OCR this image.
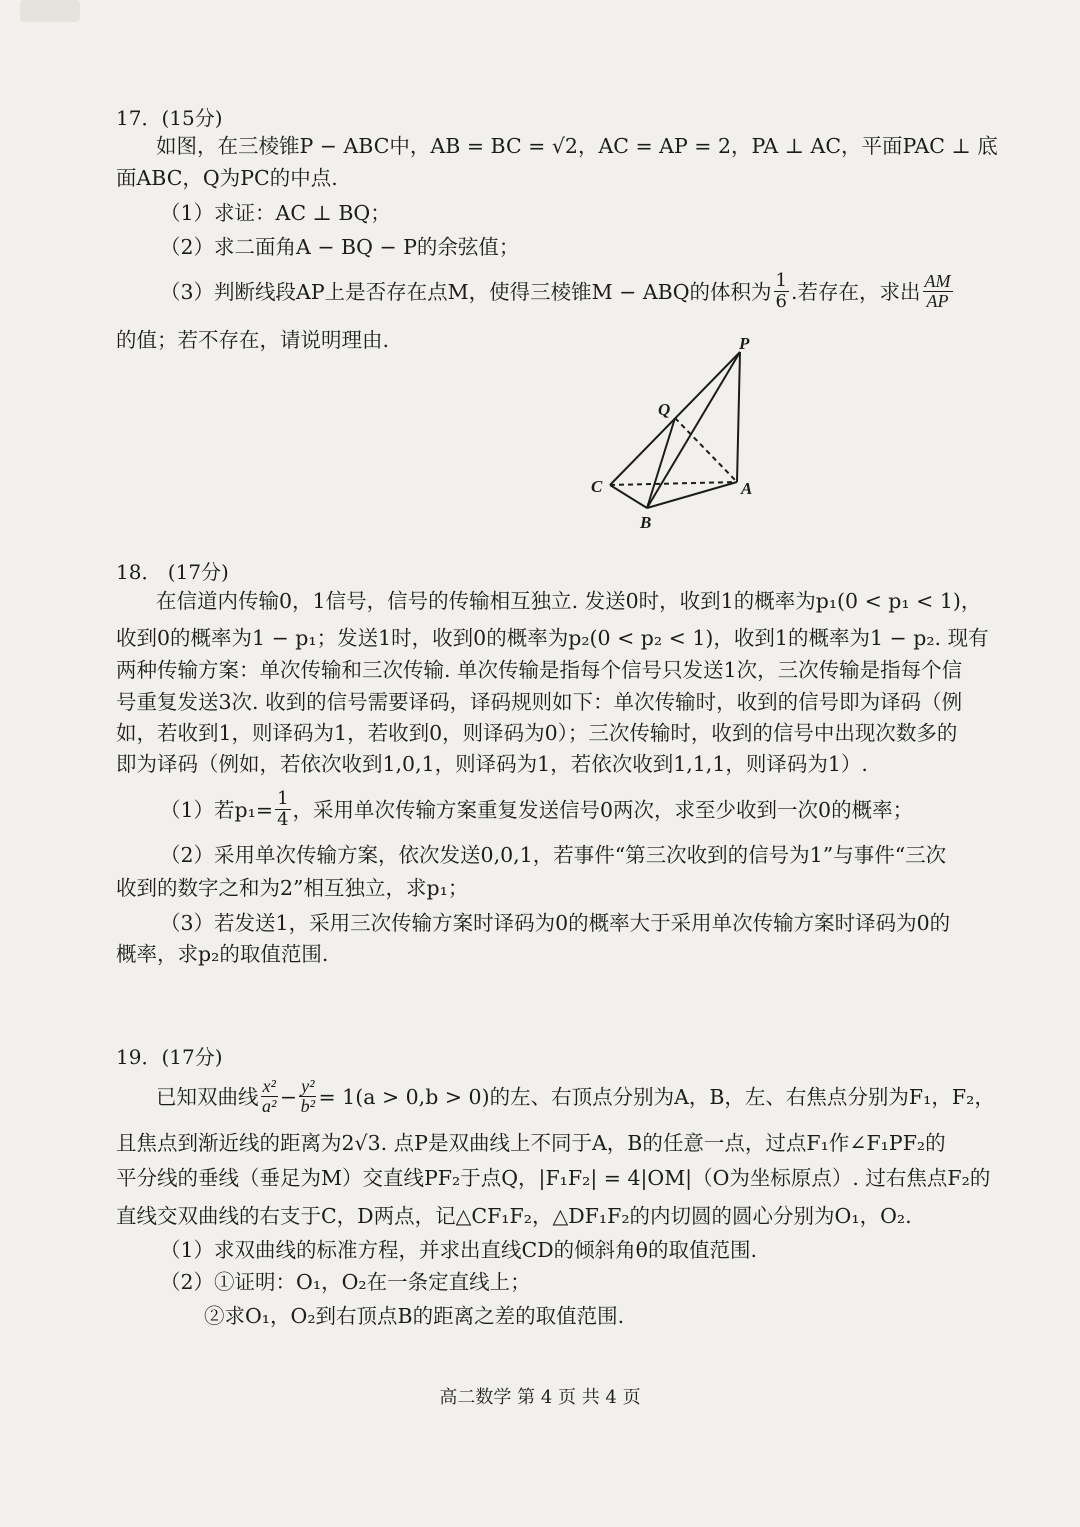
17．(15分)
如图，在三棱锥P − ABC中，AB = BC = √2，AC = AP = 2，PA ⊥ AC，平面PAC ⊥ 底
面ABC，Q为PC的中点.
（1）求证：AC ⊥ BQ；
（2）求二面角A − BQ − P的余弦值；
（3）判断线段AP上是否存在点M，使得三棱锥M − ABQ的体积为 $\frac{1}{6}$ .若存在，求出 $\frac{AM}{AP}$
的值；若不存在，请说明理由.	P
Q
C	A
B
18． (17分)
在信道内传输0，1信号，信号的传输相互独立. 发送0时，收到1的概率为p₁(0 < p₁ < 1)，
收到0的概率为1 − p₁；发送1时，收到0的概率为p₂(0 < p₂ < 1)，收到1的概率为1 − p₂. 现有
两种传输方案：单次传输和三次传输. 单次传输是指每个信号只发送1次，三次传输是指每个信
号重复发送3次. 收到的信号需要译码，译码规则如下：单次传输时，收到的信号即为译码（例
如，若收到1，则译码为1，若收到0，则译码为0）；三次传输时，收到的信号中出现次数多的
即为译码（例如，若依次收到1,0,1，则译码为1，若依次收到1,1,1，则译码为1）.
（1）若$p_1= \frac{1}{4}$ ，采用单次传输方案重复发送信号0两次，求至少收到一次0的概率；
（2）采用单次传输方案，依次发送0,0,1，若事件“第三次收到的信号为1”与事件“三次
收到的数字之和为2”相互独立，求p₁；
（3）若发送1，采用三次传输方案时译码为0的概率大于采用单次传输方案时译码为0的
概率，求p₂的取值范围.
19．(17分)
已知双曲线 $\frac{\text{x²}}{\text{a²}} - \frac{\text{y²}}{\text{b²}} = 1(a > 0,b > 0)$的左、右顶点分别为A，B，左、右焦点分别为F₁，F₂，
且焦点到渐近线的距离为2√3. 点P是双曲线上不同于A，B的任意一点，过点F₁作∠F₁PF₂的
平分线的垂线（垂足为M）交直线PF₂于点Q，|F₁F₂| = 4|OM|（O为坐标原点）. 过右焦点F₂的
直线交双曲线的右支于C，D两点，记△CF₁F₂，△DF₁F₂的内切圆的圆心分别为O₁，O₂.
（1）求双曲线的标准方程，并求出直线CD的倾斜角θ的取值范围.
（2）①证明：O₁，O₂在一条定直线上；
②求O₁，O₂到右顶点B的距离之差的取值范围.
高二数学 第 4 页 共 4 页
